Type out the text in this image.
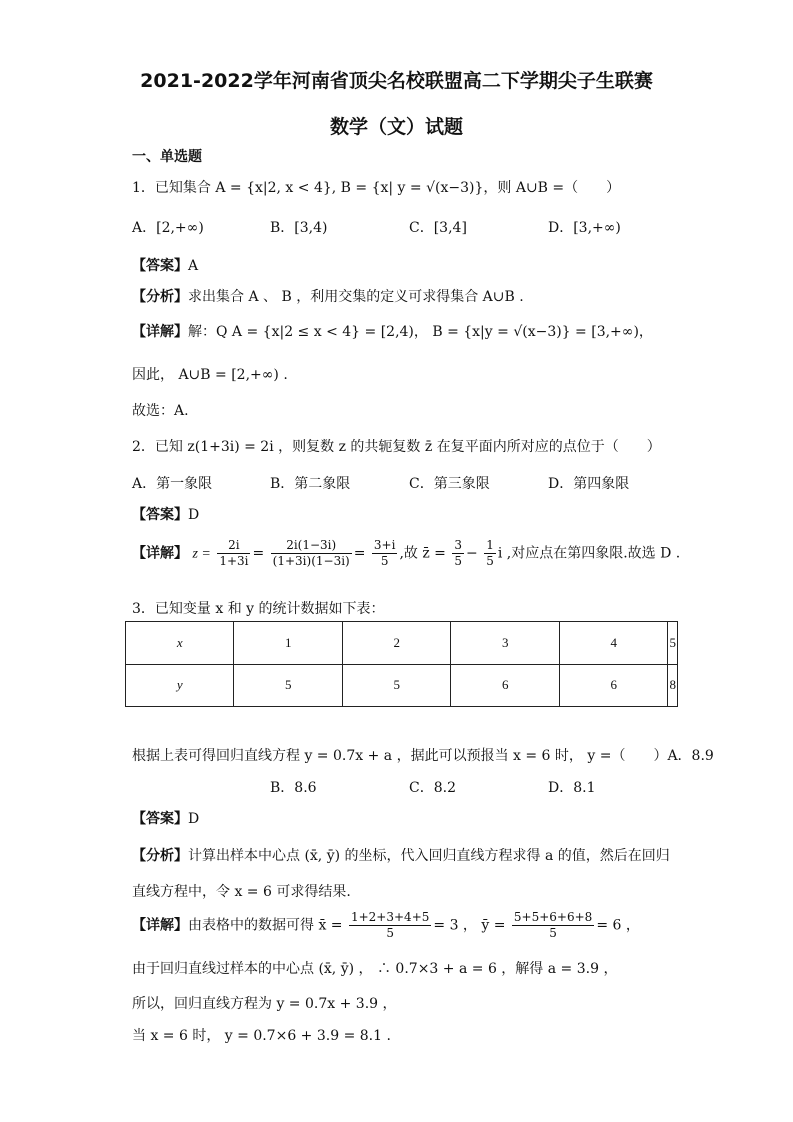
2021-2022学年河南省顶尖名校联盟高二下学期尖子生联赛
数学（文）试题
一、单选题
1．已知集合 A = {x|2, x < 4}, B = {x| y = √(x−3)}，则 A∪B =（　　）
A．[2,+∞)	B．[3,4)	C．[3,4]	D．[3,+∞)
【答案】A
【分析】求出集合 A 、 B ，利用交集的定义可求得集合 A∪B .
【详解】解：Q A = {x|2 ≤ x < 4} = [2,4)， B = {x|y = √(x−3)} = [3,+∞)，
因此， A∪B = [2,+∞) .
故选：A.
2．已知 z(1+3i) = 2i ，则复数 z 的共轭复数 z̄ 在复平面内所对应的点位于（　　）
A．第一象限	B．第二象限	C．第三象限	D．第四象限
【答案】D
【详解】 $z = \frac{2i}{1+3i} = \frac{2i(1-3i)}{(1+3i)(1-3i)} = \frac{3+i}{5}$ ,故 z̄ = $\frac{3}{5} - \frac{1}{5}$ i ,对应点在第四象限.故选 D .
3．已知变量 x 和 y 的统计数据如下表：
x	1	2	3	4	5
y	5	5	6	6	8
根据上表可得回归直线方程 y = 0.7x + a ，据此可以预报当 x = 6 时， y =（　　）A．8.9
B．8.6	C．8.2	D．8.1
【答案】D
【分析】计算出样本中心点 (x̄, ȳ) 的坐标，代入回归直线方程求得 a 的值，然后在回归
直线方程中，令 x = 6 可求得结果.
【详解】由表格中的数据可得 x̄ = $\frac{1+2+3+4+5}{5} = 3$ ， ȳ = $\frac{5+5+6+6+8}{5} = 6$ ，
由于回归直线过样本的中心点 (x̄, ȳ) ， ∴ 0.7×3 + a = 6 ，解得 a = 3.9 ，
所以，回归直线方程为 y = 0.7x + 3.9 ，
当 x = 6 时， y = 0.7×6 + 3.9 = 8.1 .
